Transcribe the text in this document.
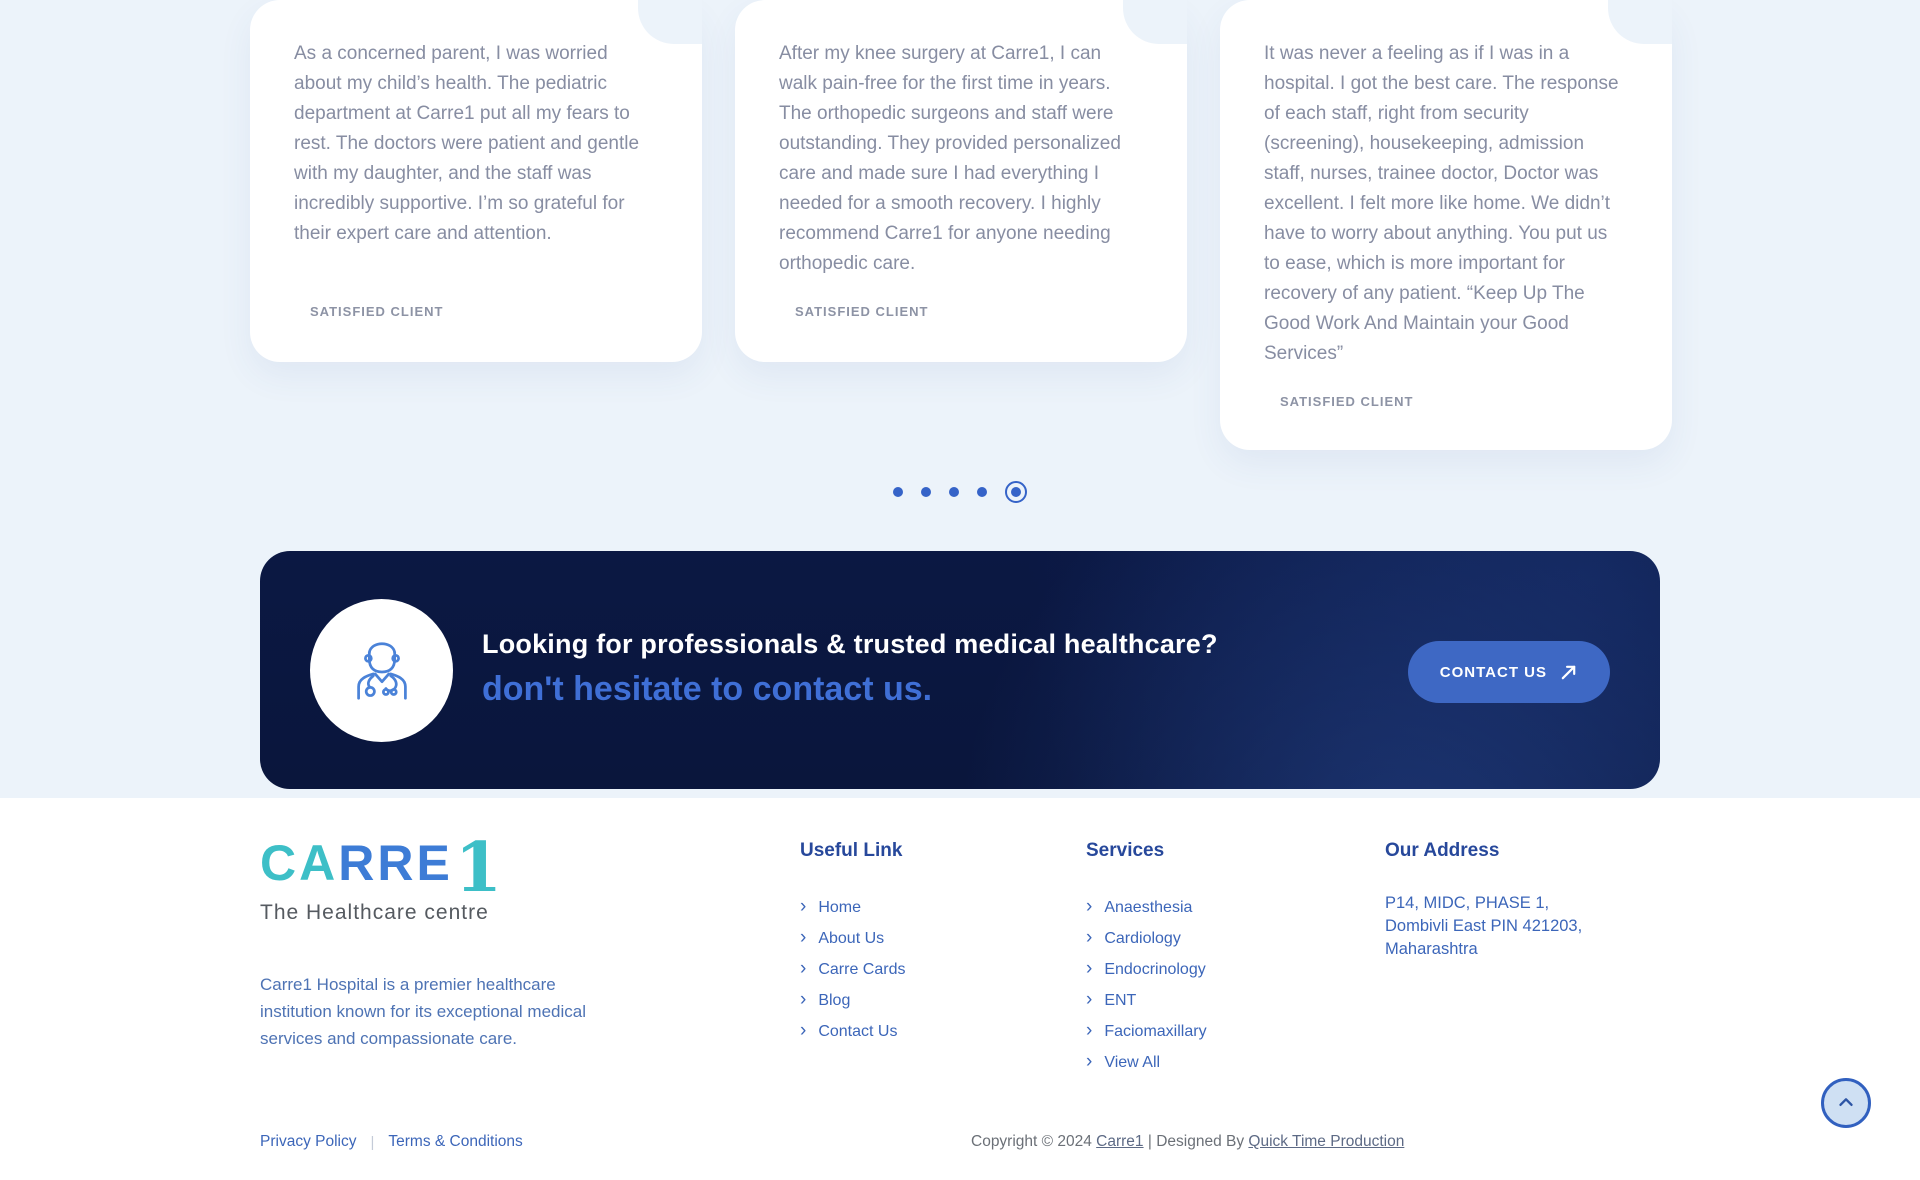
As a concerned parent, I was worried about my child’s health. The pediatric department at Carre1 put all my fears to rest. The doctors were patient and gentle with my daughter, and the staff was incredibly supportive. I’m so grateful for their expert care and attention.

SATISFIED CLIENT

After my knee surgery at Carre1, I can walk pain-free for the first time in years. The orthopedic surgeons and staff were outstanding. They provided personalized care and made sure I had everything I needed for a smooth recovery. I highly recommend Carre1 for anyone needing orthopedic care.

SATISFIED CLIENT

It was never a feeling as if I was in a hospital. I got the best care. The response of each staff, right from security (screening), housekeeping, admission staff, nurses, trainee doctor, Doctor was excellent. I felt more like home. We didn’t have to worry about anything. You put us to ease, which is more important for recovery of any patient. “Keep Up The Good Work And Maintain your Good Services”

SATISFIED CLIENT
Looking for professionals & trusted medical healthcare?
don't hesitate to contact us.	CONTACT US
C A R R E 1
The Healthcare centre

Carre1 Hospital is a premier healthcare institution known for its exceptional medical services and compassionate care.

Useful Link
› Home
› About Us
› Carre Cards
› Blog
› Contact Us
Services
› Anaesthesia
› Cardiology
› Endocrinology
› ENT
› Faciomaxillary
› View All
Our Address
P14, MIDC, PHASE 1,
Dombivli East PIN 421203,
Maharashtra
Privacy Policy | Terms & Conditions	Copyright © 2024 Carre1 | Designed By Quick Time Production
